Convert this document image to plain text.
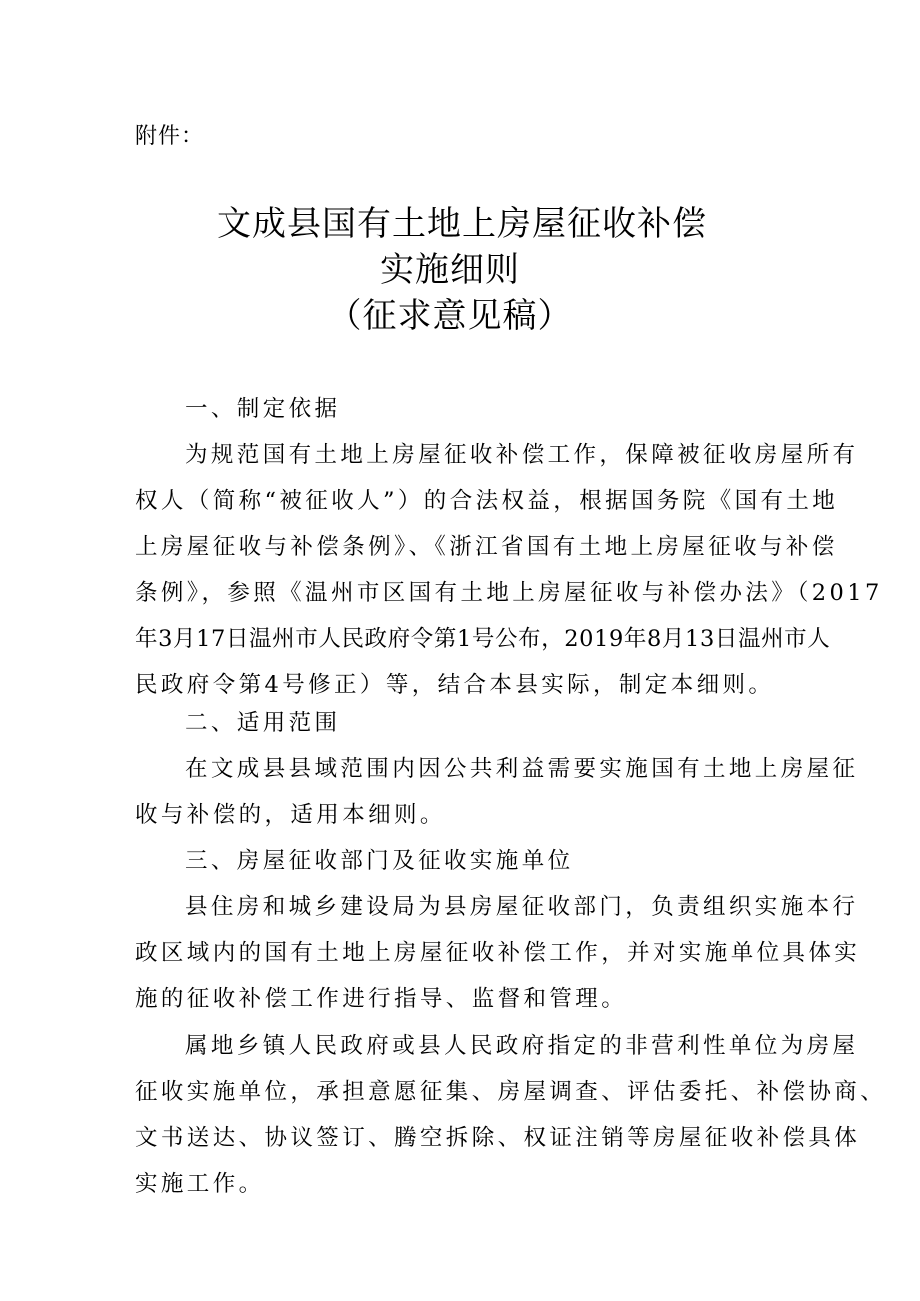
附件：
文成县国有土地上房屋征收补偿
实施细则
（征求意见稿）
一、制定依据
为规范国有土地上房屋征收补偿工作，保障被征收房屋所有
权人（简称“被征收人”）的合法权益，根据国务院《国有土地
上房屋征收与补偿条例》、《浙江省国有土地上房屋征收与补偿
条例》，参照《温州市区国有土地上房屋征收与补偿办法》（2017
年3月17日温州市人民政府令第1号公布，2019年8月13日温州市人
民政府令第4号修正）等，结合本县实际，制定本细则。
二、适用范围
在文成县县域范围内因公共利益需要实施国有土地上房屋征
收与补偿的，适用本细则。
三、房屋征收部门及征收实施单位
县住房和城乡建设局为县房屋征收部门，负责组织实施本行
政区域内的国有土地上房屋征收补偿工作，并对实施单位具体实
施的征收补偿工作进行指导、监督和管理。
属地乡镇人民政府或县人民政府指定的非营利性单位为房屋
征收实施单位，承担意愿征集、房屋调查、评估委托、补偿协商、
文书送达、协议签订、腾空拆除、权证注销等房屋征收补偿具体
实施工作。
